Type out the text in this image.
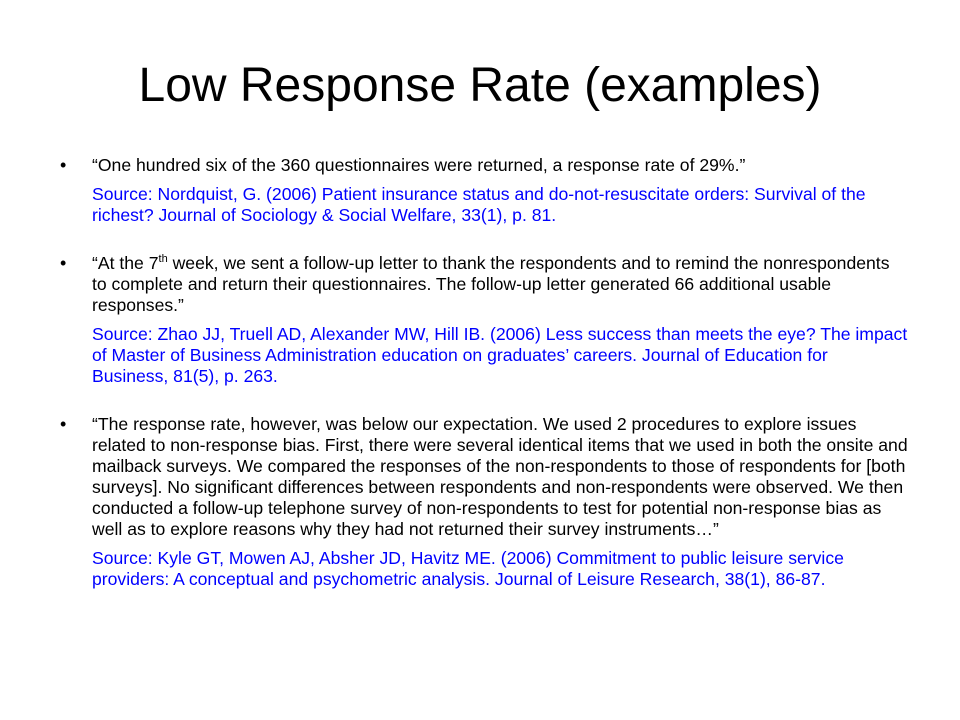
Low Response Rate (examples)
• “One hundred six of the 360 questionnaires were returned, a response rate of 29%.”

Source: Nordquist, G. (2006) Patient insurance status and do-not-resuscitate orders: Survival of the richest? Journal of Sociology & Social Welfare, 33(1), p. 81.

• “At the 7th week, we sent a follow-up letter to thank the respondents and to remind the nonrespondents to complete and return their questionnaires. The follow-up letter generated 66 additional usable responses.”

Source: Zhao JJ, Truell AD, Alexander MW, Hill IB. (2006) Less success than meets the eye? The impact of Master of Business Administration education on graduates’ careers. Journal of Education for Business, 81(5), p. 263.

• “The response rate, however, was below our expectation. We used 2 procedures to explore issues related to non-response bias. First, there were several identical items that we used in both the onsite and mailback surveys. We compared the responses of the non-respondents to those of respondents for [both surveys]. No significant differences between respondents and non-respondents were observed. We then conducted a follow-up telephone survey of non-respondents to test for potential non-response bias as well as to explore reasons why they had not returned their survey instruments…”

Source: Kyle GT, Mowen AJ, Absher JD, Havitz ME. (2006) Commitment to public leisure service providers: A conceptual and psychometric analysis. Journal of Leisure Research, 38(1), 86-87.
